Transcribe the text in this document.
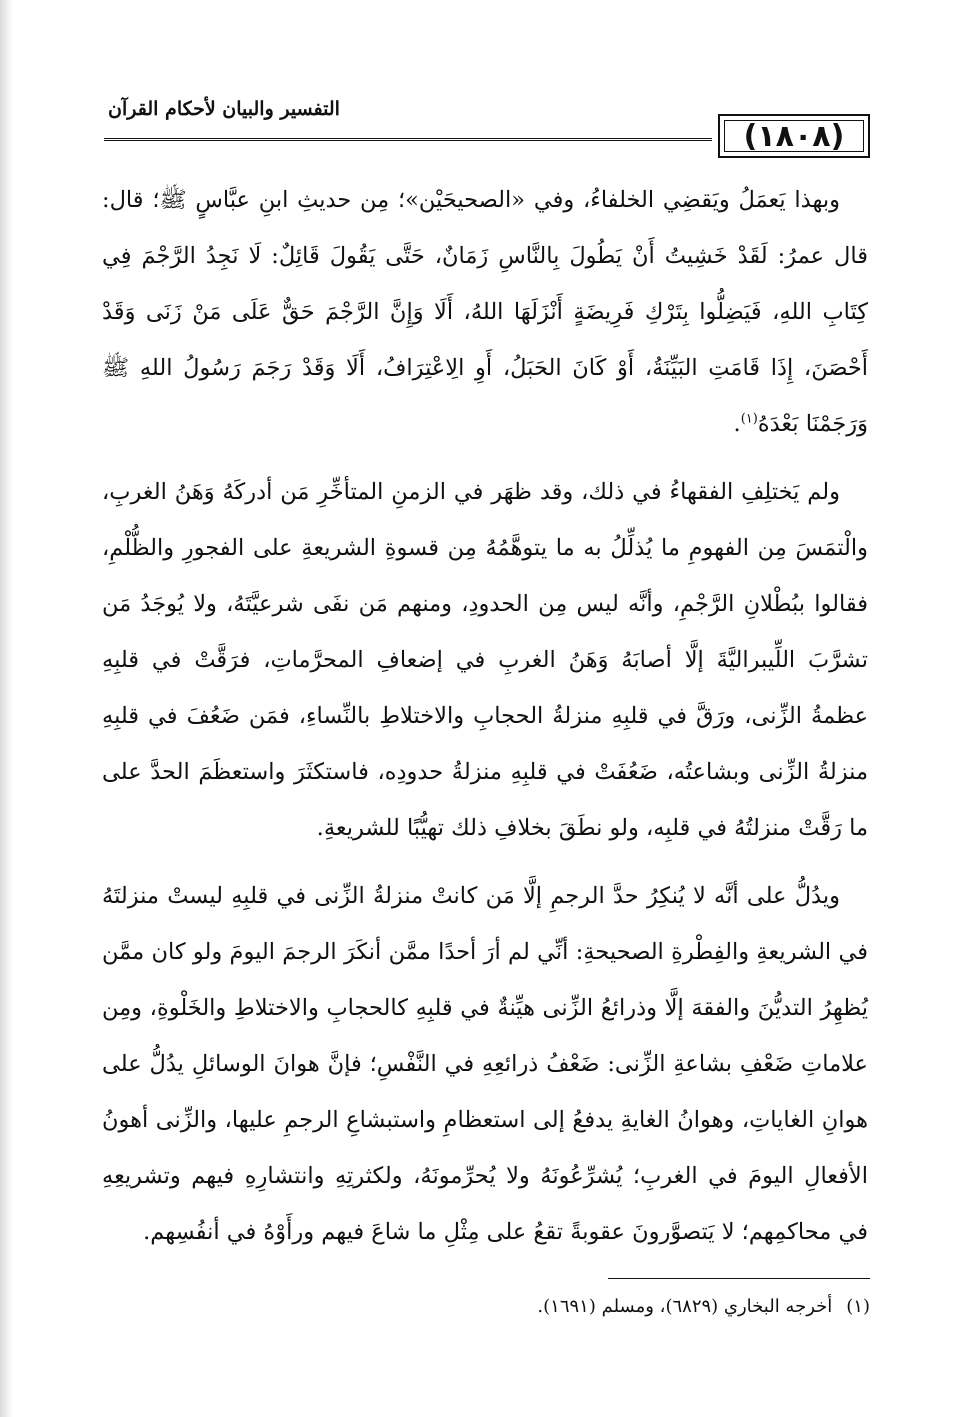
التفسير والبيان لأحكام القرآن
(١٨٠٨)

وبهذا يَعمَلُ ويَقضِي الخلفاءُ، وفي «الصحيحَيْن»؛ مِن حديثِ ابنِ عبَّاسٍ ﷺ؛ قال: قال عمرُ: لَقَدْ خَشِيتُ أَنْ يَطُولَ بِالنَّاسِ زَمَانٌ، حَتَّى يَقُولَ قَائِلٌ: لَا نَجِدُ الرَّجْمَ فِي كِتَابِ اللهِ، فَيَضِلُّوا بِتَرْكِ فَرِيضَةٍ أَنْزَلَهَا اللهُ، أَلَا وَإِنَّ الرَّجْمَ حَقٌّ عَلَى مَنْ زَنَى وَقَدْ أَحْصَنَ، إِذَا قَامَتِ البَيِّنَةُ، أَوْ كَانَ الحَبَلُ، أَوِ الِاعْتِرَافُ، أَلَا وَقَدْ رَجَمَ رَسُولُ اللهِ ﷺ وَرَجَمْنَا بَعْدَهُ$^{(١)}$.

ولم يَختلِفِ الفقهاءُ في ذلك، وقد ظهَر في الزمنِ المتأخِّرِ مَن أدركَهُ وَهَنُ الغربِ، والْتمَسَ مِن الفهومِ ما يُذلِّلُ به ما يتوهَّمُهُ مِن قسوةِ الشريعةِ على الفجورِ والظُّلْمِ، فقالوا ببُطْلانِ الرَّجْمِ، وأنَّه ليس مِن الحدودِ، ومنهم مَن نفَى شرعيَّتَهُ، ولا يُوجَدُ مَن تشرَّبَ اللِّيبراليَّةَ إلَّا أصابَهُ وَهَنُ الغربِ في إضعافِ المحرَّماتِ، فرَقَّتْ في قلبِهِ عظمةُ الزِّنى، ورَقَّ في قلبِهِ منزلةُ الحجابِ والاختلاطِ بالنِّساءِ، فمَن ضَعُفَ في قلبِهِ منزلةُ الزِّنى وبشاعتُه، ضَعُفَتْ في قلبِهِ منزلةُ حدودِه، فاستكثَرَ واستعظَمَ الحدَّ على ما رَقَّتْ منزلتُهُ في قلبِه، ولو نطَقَ بخلافِ ذلك تهيُّبًا للشريعةِ.

ويدُلُّ على أنَّه لا يُنكِرُ حدَّ الرجمِ إلَّا مَن كانتْ منزلةُ الزِّنى في قلبِهِ ليستْ منزلتَهُ في الشريعةِ والفِطْرةِ الصحيحةِ: أنِّي لم أرَ أحدًا ممَّن أنكَرَ الرجمَ اليومَ ولو كان ممَّن يُظهِرُ التديُّنَ والفقهَ إلَّا وذرائعُ الزِّنى هيِّنةٌ في قلبِهِ كالحجابِ والاختلاطِ والخَلْوةِ، ومِن علاماتِ ضَعْفِ بشاعةِ الزِّنى: ضَعْفُ ذرائعِهِ في النَّفْسِ؛ فإنَّ هوانَ الوسائلِ يدُلُّ على هوانِ الغاياتِ، وهوانُ الغايةِ يدفعُ إلى استعظامِ واستبشاعِ الرجمِ عليها، والزِّنى أهونُ الأفعالِ اليومَ في الغربِ؛ يُشرِّعُونَهُ ولا يُحرِّمونَهُ، ولكثرتِهِ وانتشارِهِ فيهم وتشريعِهِ في محاكمِهم؛ لا يَتصوَّرونَ عقوبةً تقعُ على مِثْلِ ما شاعَ فيهم ورأَوْهُ في أنفُسِهم.

(١)أخرجه البخاري (٦٨٢٩)، ومسلم (١٦٩١).
